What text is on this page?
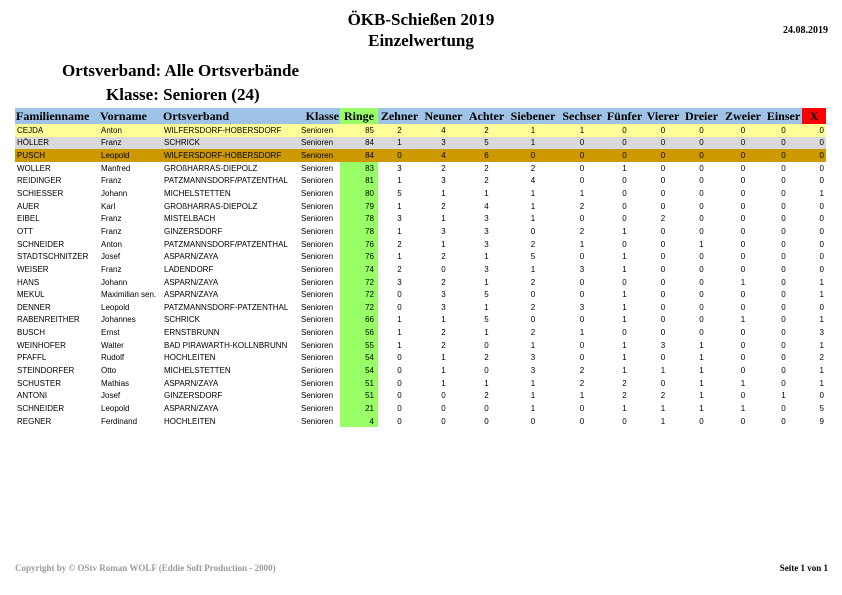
ÖKB-Schießen 2019
Einzelwertung
24.08.2019
Ortsverband: Alle Ortsverbände
Klasse: Senioren (24)
Familienname	Vorname	Ortsverband	Klasse	Ringe	Zehner	Neuner	Achter	Siebener	Sechser	Fünfer	Vierer	Dreier	Zweier	Einser	X
CEJDA	Anton	WILFERSDORF-HOBERSDORF	Senioren	85	2	4	2	1	1	0	0	0	0	0	0
HÖLLER	Franz	SCHRICK	Senioren	84	1	3	5	1	0	0	0	0	0	0	0
PUSCH	Leopold	WILFERSDORF-HOBERSDORF	Senioren	84	0	4	6	0	0	0	0	0	0	0	0
WOLLER	Manfred	GROßHARRAS-DIEPOLZ	Senioren	83	3	2	2	2	0	1	0	0	0	0	0
REIDINGER	Franz	PATZMANNSDORF/PATZENTHAL	Senioren	81	1	3	2	4	0	0	0	0	0	0	0
SCHIESSER	Johann	MICHELSTETTEN	Senioren	80	5	1	1	1	1	0	0	0	0	0	1
AUER	Karl	GROßHARRAS-DIEPOLZ	Senioren	79	1	2	4	1	2	0	0	0	0	0	0
EIBEL	Franz	MISTELBACH	Senioren	78	3	1	3	1	0	0	2	0	0	0	0
OTT	Franz	GINZERSDORF	Senioren	78	1	3	3	0	2	1	0	0	0	0	0
SCHNEIDER	Anton	PATZMANNSDORF/PATZENTHAL	Senioren	76	2	1	3	2	1	0	0	1	0	0	0
STADTSCHNITZER	Josef	ASPARN/ZAYA	Senioren	76	1	2	1	5	0	1	0	0	0	0	0
WEISER	Franz	LADENDORF	Senioren	74	2	0	3	1	3	1	0	0	0	0	0
HANS	Johann	ASPARN/ZAYA	Senioren	72	3	2	1	2	0	0	0	0	1	0	1
MEKUL	Maximilian sen.	ASPARN/ZAYA	Senioren	72	0	3	5	0	0	1	0	0	0	0	1
DENNER	Leopold	PATZMANNSDORF-PATZENTHAL	Senioren	72	0	3	1	2	3	1	0	0	0	0	0
RABENREITHER	Johannes	SCHRICK	Senioren	66	1	1	5	0	0	1	0	0	1	0	1
BUSCH	Ernst	ERNSTBRUNN	Senioren	56	1	2	1	2	1	0	0	0	0	0	3
WEINHOFER	Walter	BAD PIRAWARTH-KOLLNBRUNN	Senioren	55	1	2	0	1	0	1	3	1	0	0	1
PFAFFL	Rudolf	HOCHLEITEN	Senioren	54	0	1	2	3	0	1	0	1	0	0	2
STEINDORFER	Otto	MICHELSTETTEN	Senioren	54	0	1	0	3	2	1	1	1	0	0	1
SCHUSTER	Mathias	ASPARN/ZAYA	Senioren	51	0	1	1	1	2	2	0	1	1	0	1
ANTONI	Josef	GINZERSDORF	Senioren	51	0	0	2	1	1	2	2	1	0	1	0
SCHNEIDER	Leopold	ASPARN/ZAYA	Senioren	21	0	0	0	1	0	1	1	1	1	0	5
REGNER	Ferdinand	HOCHLEITEN	Senioren	4	0	0	0	0	0	0	1	0	0	0	9
Copyright by © OStv Roman WOLF (Eddie Soft Production - 2000)	Seite 1 von 1
